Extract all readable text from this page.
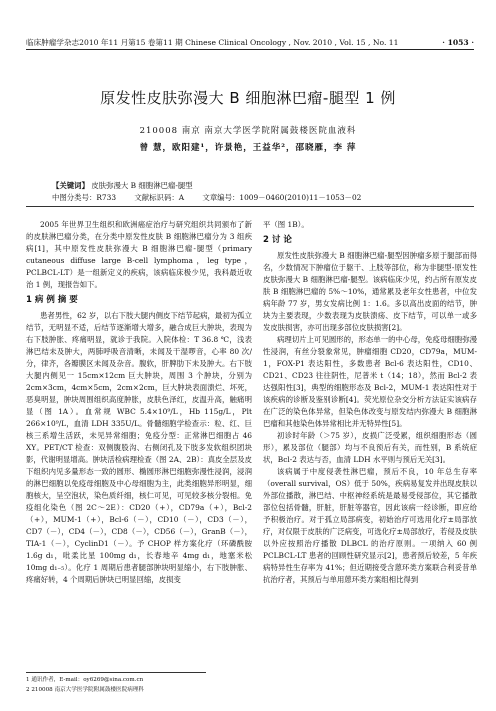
临床肿瘤学杂志2010 年11 月第15 卷第11 期 Chinese Clinical Oncology , Nov. 2010 , Vol. 15 , No. 11	· 1053 ·
原发性皮肤弥漫大 B 细胞淋巴瘤-腿型 1 例
210008 南京 南京大学医学院附属鼓楼医院血液科
曾 慧，欧阳建¹，许景艳，王益华²，邵晓雁，李 萍
【关键词】 皮肤弥漫大 B 细胞淋巴瘤-腿型
中图分类号：R733 文献标识码：A 文章编号：1009－0460(2010)11－1053－02

2005 年世界卫生组织和欧洲癌症治疗与研究组织共同颁布了新的皮肤淋巴瘤分类，在分类中原发性皮肤 B 细胞淋巴瘤分为 3 组疾病[1]，其中原发性皮肤弥漫大 B 细胞淋巴瘤-腿型（primary cutaneous diffuse large B-cell lymphoma，leg type，PCLBCL-LT）是一组新定义的疾病，该病临床极少见，我科最近收治 1 例，现报告如下。

1 病 例 摘 要

患者男性，62 岁，以右下肢大腿内侧皮下结节起病，最初为孤立结节，无明显不适，后结节逐渐增大增多，融合成巨大肿块，表现为右下肢肿胀、疼痛明显，就诊于我院。入院体检：T 36.8 ℃，浅表淋巴结未及肿大，两肺呼吸音清晰，未闻及干湿啰音，心率 80 次/分，律齐，各瓣膜区未闻及杂音。腹软，肝脾肋下未及肿大。右下肢大腿内侧见一 15cm×12cm 巨大肿块，周围 3 个肿块，分别为 2cm×3cm，4cm×5cm，2cm×2cm，巨大肿块表面溃烂、坏死，恶臭明显，肿块周围组织高度肿胀，皮肤色泽红，皮温升高，触痛明显（图 1A）。血常规 WBC 5.4×10⁹/L，Hb 115g/L，Plt 266×10⁹/L，血清 LDH 335U/L。骨髓细胞学检查示：粒、红、巨核三系增生活跃，未见异常细胞；免疫分型：正常淋巴细胞占 46 XY。PET/CT 检查：双侧腹股沟、右侧闭孔及下肢多发软组织团块影，代谢明显增高。肿块活检病理检查（图 2A、2B）：真皮全层及皮下组织内见多量形态一致的圆形、椭圆形淋巴细胞弥漫性浸润，浸润的淋巴细胞以免疫母细胞及中心母细胞为主，此类细胞异形明显，细胞核大，呈空泡状，染色质纤细，核仁可见，可见较多核分裂相。免疫组化染色（图 2C～2E）：CD20（+），CD79a（+），Bcl-2（+），MUM-1（+），Bcl-6（－），CD10（－），CD3（－），CD7（－），CD4（－），CD8（－），CD56（－），GranB（－），TIA-1（－），CyclinD1（－）。予 CHOP 样方案化疗（环磷酰胺 1.6g d₁，吡柔比星 100mg d₁，长春地辛 4mg d₁，地塞米松 10mg d₁₋₅）。化疗 1 周期后患者腿部肿块明显缩小，右下肢肿胀、疼痛好转，4 个周期后肿块已明显回缩，皮损变

平（图 1B）。

2 讨 论

原发性皮肤弥漫大 B 细胞淋巴瘤-腿型因肿瘤多原于腿部而得名，少数情况下肿瘤位于躯干、上肢等部位，称为非腿型-原发性皮肤弥漫大 B 细胞淋巴瘤-腿型。该病临床少见，约占所有原发皮肤 B 细胞淋巴瘤的 5%～10%，通常累及老年女性患者，中位发病年龄 77 岁，男女发病比例 1：1.6。多以高出皮面的结节，肿块为主要表现，少数表现为皮肤溃疡、皮下结节，可以单一或多发皮肤损害，亦可出现多部位皮肤损害[2]。

病理切片上可见圆形的，形态单一的中心母，免疫母细胞弥漫性浸润，有丝分裂象常见，肿瘤细胞 CD20，CD79a，MUM-1，FOX-P1 表达阳性，多数患者 Bcl-6 表达阳性，CD10、CD21、CD23 往往阴性，尼普米 t（14；18），然而 Bcl-2 表达强阳性[3]，典型的细胞形态及 Bcl-2，MUM-1 表达阳性对于该疾病的诊断及鉴别诊断[4]。荧光原位杂交分析方法证实该病存在广泛的染色体异常，但染色体改变与原发结内弥漫大 B 细胞淋巴瘤和其他染色体异常相比并无特异性[5]。

初诊时年龄（＞75 岁），皮损广泛受累，组织细胞形态（圆形），累及部位（腿部）均与不良预后有关，而性别，B 系统症状，Bcl-2 表达与否，血清 LDH 水平则与预后无关[3]。

该病属于中度侵袭性淋巴瘤，预后不良，10 年总生存率（overall survival，OS）低于 50%，疾病易复发并出现皮肤以外部位播散，淋巴结、中枢神经系统是最易受侵部位，其它播散部位包括骨髓，肝脏，肝脏等器官，因此该病一经诊断，即应给予积极治疗。对于孤立局部病变，初始治疗可选用化疗±局部放疗，对仅限于皮肤的广泛病变，可选化疗±局部放疗，若侵及皮肤以外应按照治疗播散 DLBCL 的治疗原则。一项纳入 60 例 PCLBCL-LT 患者的回顾性研究显示[2]，患者预后较差，5 年疾病特异性生存率为 41%；但近期接受含蒽环类方案联合利妥昔单抗治疗者，其预后与单用蒽环类方案组相比得到

1 通讯作者，E-mail：oy6269@sina.com.cn
2 210008 南京大学医学院附属鼓楼医院病理科
